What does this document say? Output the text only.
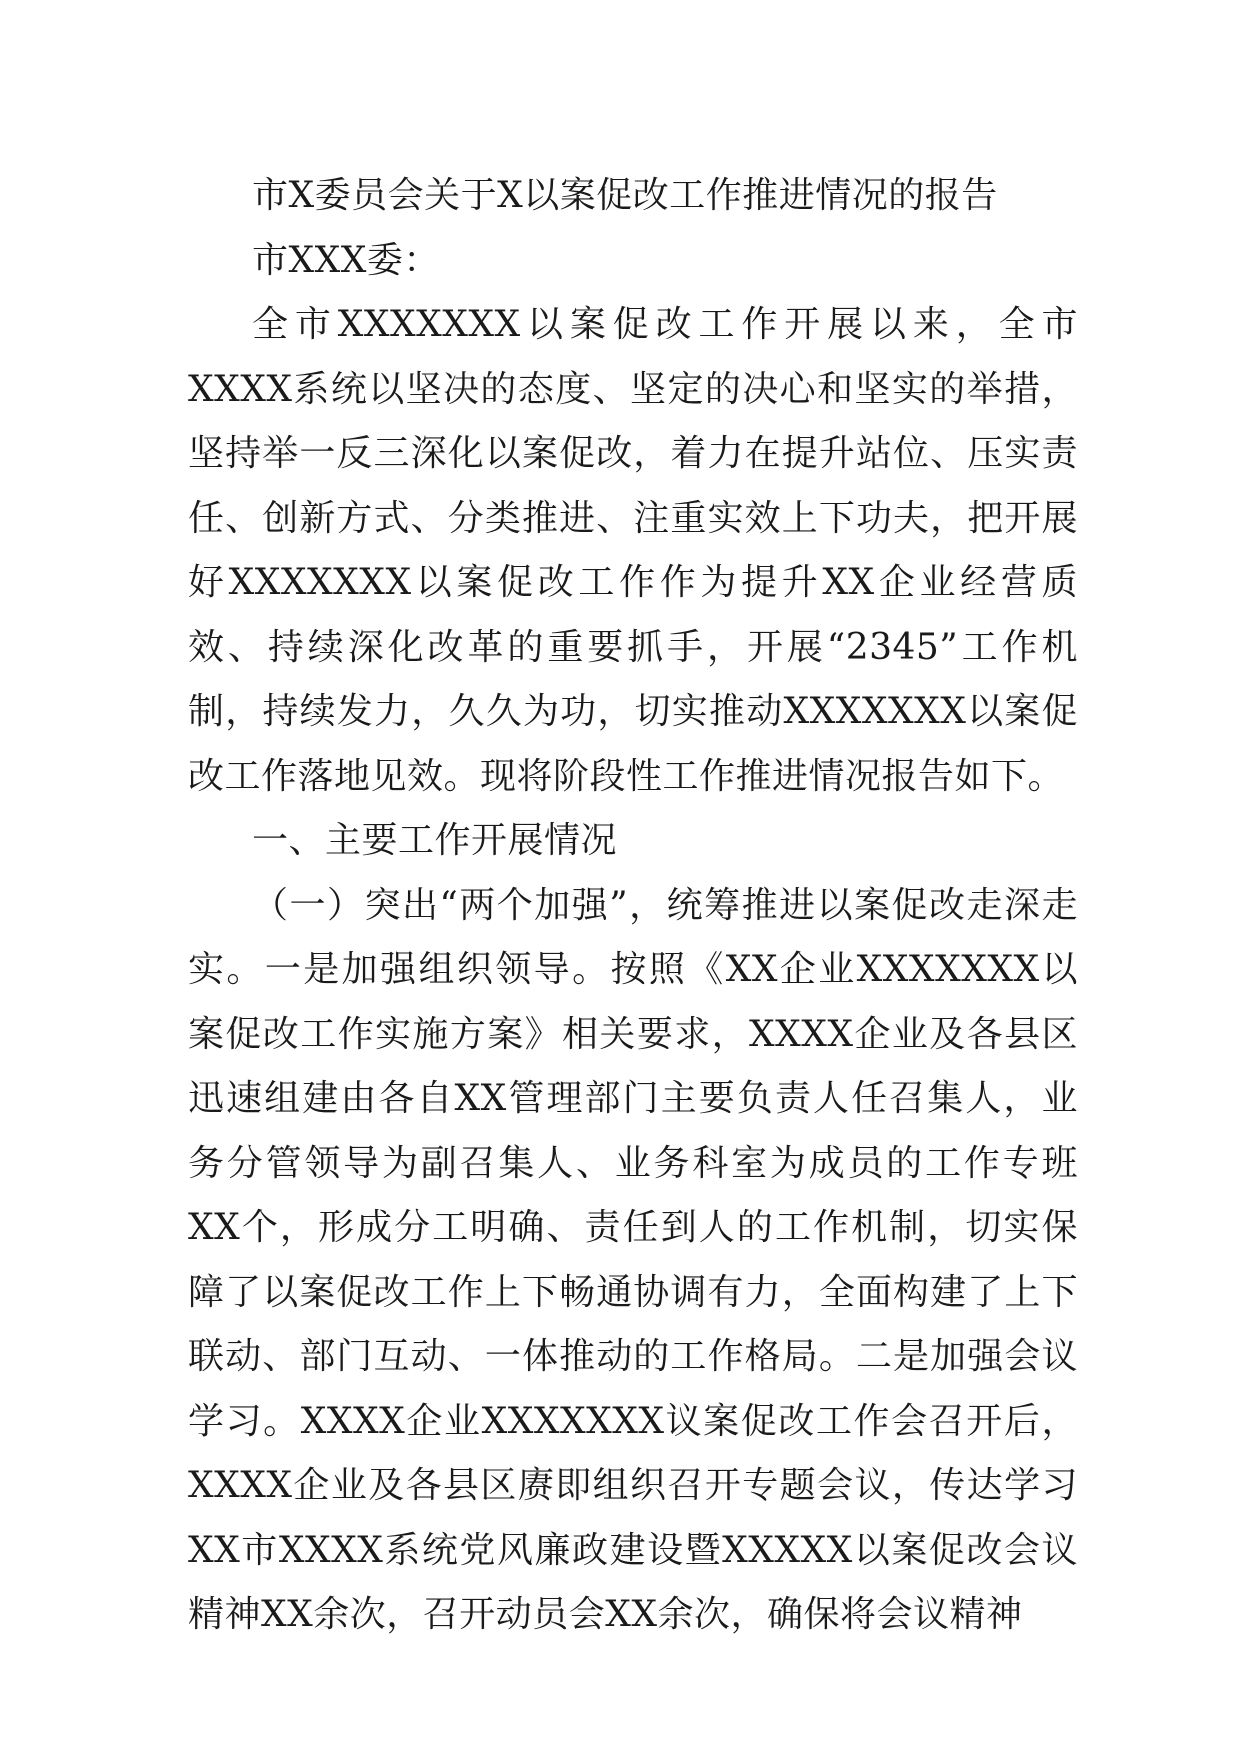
市X委员会关于X以案促改工作推进情况的报告

市XXX委：

全市XXXXXXX以案促改工作开展以来，全市XXXX系统以坚决的态度、坚定的决心和坚实的举措，坚持举一反三深化以案促改，着力在提升站位、压实责任、创新方式、分类推进、注重实效上下功夫，把开展好XXXXXXX以案促改工作作为提升XX企业经营质效、持续深化改革的重要抓手，开展“2345”工作机制，持续发力，久久为功，切实推动XXXXXXX以案促改工作落地见效。现将阶段性工作推进情况报告如下。

一、主要工作开展情况

（一）突出“两个加强”，统筹推进以案促改走深走实。一是加强组织领导。按照《XX企业XXXXXXX以案促改工作实施方案》相关要求，XXXX企业及各县区迅速组建由各自XX管理部门主要负责人任召集人，业务分管领导为副召集人、业务科室为成员的工作专班XX个，形成分工明确、责任到人的工作机制，切实保障了以案促改工作上下畅通协调有力，全面构建了上下联动、部门互动、一体推动的工作格局。二是加强会议学习。XXXX企业XXXXXXX议案促改工作会召开后，XXXX企业及各县区赓即组织召开专题会议，传达学习XX市XXXX系统党风廉政建设暨XXXXX以案促改会议精神XX余次，召开动员会XX余次，确保将会议精神
